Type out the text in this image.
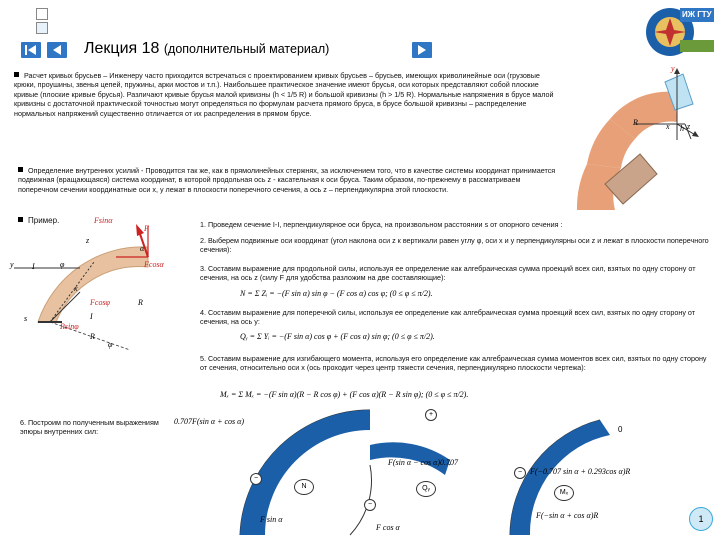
Лекция 18 (дополнительный материал)
ИЖ ГТУ
Расчет кривых брусьев – Инженеру часто приходится встречаться с проектированием кривых брусьев – брусьев, имеющих криволинейные оси (грузовые крюки, проушины, звенья цепей, пружины, арки мостов и т.п.). Наибольшее практическое значение имеют брусья, оси которых представляют собой плоские кривые (плоские кривые брусья). Различают кривые брусья малой кривизны (h < 1/5 R) и большой кривизны (h > 1/5 R). Нормальные напряжения в брусе малой кривизны с достаточной практической точностью могут определяться по формулам расчета прямого бруса, в брусе большой кривизны – распределение нормальных напряжений существенно отличается от их распределения в прямом брусе.
y
R	x h z
Определение внутренних усилий - Проводится так же, как в прямолинейных стержнях, за исключением того, что в качестве системы координат принимается подвижная (вращающаяся) система координат, в которой продольная ось z - касательная к оси бруса. Таким образом, по-прежнему в рассматриваем поперечном сечении координатные оси x, y лежат в плоскости поперечного сечения, а ось z – перпендикулярна этой плоскости.
Пример.	Fsinα
F
α
Fcosα
z
y I	φ
x
Fcosφ	R
s	I
Rsinφ
R
φ
1. Проведем сечение I-I, перпендикулярное оси бруса, на произвольном расстоянии s от опорного сечения :
2. Выберем подвижные оси координат (угол наклона оси z к вертикали равен углу φ, оси x и y перпендикулярны оси z и лежат в плоскости поперечного сечения):
3. Составим выражение для продольной силы, используя ее определение как алгебраическая сумма проекций всех сил, взятых по одну сторону от сечения, на ось z (силу F для удобства разложим на две составляющие):
N = Σ Zᵢ = −(F sin α) sin φ − (F cos α) cos φ; (0 ≤ φ ≤ π/2).
4. Составим выражение для поперечной силы, используя ее определение как алгебраическая сумма проекций всех сил, взятых по одну сторону от сечения, на ось y:
Qᵧ = Σ Yᵢ = −(F sin α) cos φ + (F cos α) sin φ; (0 ≤ φ ≤ π/2).
5. Составим выражение для изгибающего момента, используя его определение как алгебраическая сумма моментов всех сил, взятых по одну сторону от сечения, относительно оси x (ось проходит через центр тяжести сечения, перпендикулярно плоскости чертежа):
Mₓ = Σ Mₓ = −(F sin α)(R − R cos φ) + (F cos α)(R − R sin φ); (0 ≤ φ ≤ π/2).
6. Построим по полученным выражениям эпюры внутренних сил:
0.707F(sin α + cos α)
F sin α
N
F(sin α − cos α)0.707
F cos α
Qᵧ
F(−0.707 sin α + 0.293cos α)R
0
F(−sin α + cos α)R
Mₓ
+
−
−
−
1
